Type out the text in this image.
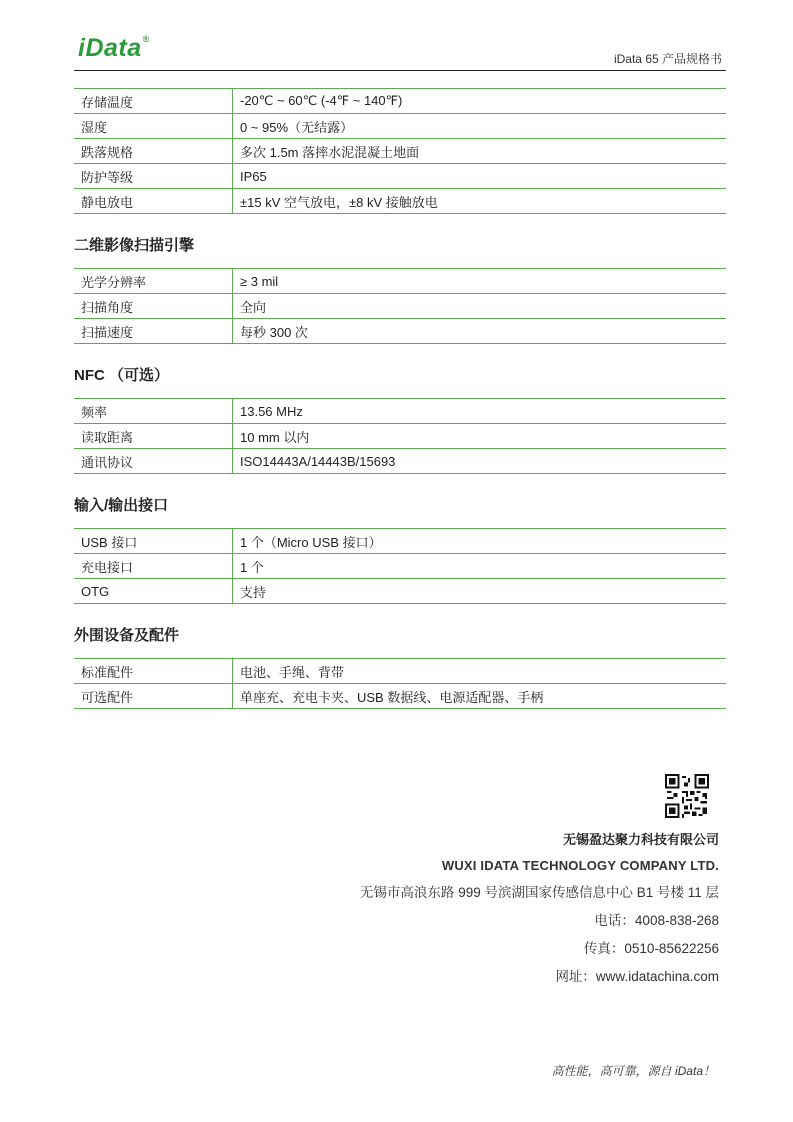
iData®
iData 65 产品规格书
存储温度	-20℃ ~ 60℃ (-4℉ ~ 140℉)
湿度	0 ~ 95%（无结露）
跌落规格	多次 1.5m 落摔水泥混凝土地面
防护等级	IP65
静电放电	±15 kV 空气放电，±8 kV 接触放电
二维影像扫描引擎
光学分辨率	≥ 3 mil
扫描角度	全向
扫描速度	每秒 300 次
NFC （可选）
频率	13.56 MHz
读取距离	10 mm 以内
通讯协议	ISO14443A/14443B/15693
输入/输出接口
USB 接口	1 个（Micro USB 接口）
充电接口	1 个
OTG	支持
外围设备及配件
标准配件	电池、手绳、背带
可选配件	单座充、充电卡夹、USB 数据线、电源适配器、手柄
无锡盈达聚力科技有限公司
WUXI IDATA TECHNOLOGY COMPANY LTD.
无锡市高浪东路 999 号滨湖国家传感信息中心 B1 号楼 11 层
电话：4008-838-268
传真：0510-85622256
网址：www.idatachina.com
高性能，高可靠，源自 iData！
